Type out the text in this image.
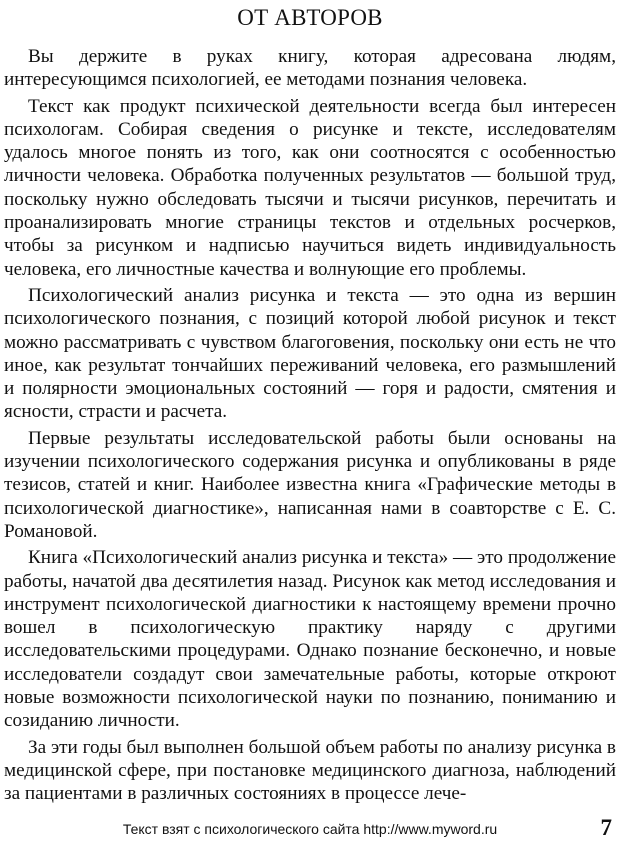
ОТ АВТОРОВ

Вы держите в руках книгу, которая адресована людям, интересующимся психологией, ее методами познания человека.

Текст как продукт психической деятельности всегда был интересен психологам. Собирая сведения о рисунке и тексте, исследователям удалось многое понять из того, как они соотносятся с особенностью личности человека. Обработка полученных результатов — большой труд, поскольку нужно обследовать тысячи и тысячи рисунков, перечитать и проанализировать многие страницы текстов и отдельных росчерков, чтобы за рисунком и надписью научиться видеть индивидуальность человека, его личностные качества и волнующие его проблемы.

Психологический анализ рисунка и текста — это одна из вершин психологического познания, с позиций которой любой рисунок и текст можно рассматривать с чувством благоговения, поскольку они есть не что иное, как результат тончайших переживаний человека, его размышлений и полярности эмоциональных состояний — горя и радости, смятения и ясности, страсти и расчета.

Первые результаты исследовательской работы были основаны на изучении психологического содержания рисунка и опубликованы в ряде тезисов, статей и книг. Наиболее известна книга «Графические методы в психологической диагностике», написанная нами в соавторстве с Е. С. Романовой.

Книга «Психологический анализ рисунка и текста» — это продолжение работы, начатой два десятилетия назад. Рисунок как метод исследования и инструмент психологической диагностики к настоящему времени прочно вошел в психологическую практику наряду с другими исследовательскими процедурами. Однако познание бесконечно, и новые исследователи создадут свои замечательные работы, которые откроют новые возможности психологической науки по познанию, пониманию и созиданию личности.

За эти годы был выполнен большой объем работы по анализу рисунка в медицинской сфере, при постановке медицинского диагноза, наблюдений за пациентами в различных состояниях в процессе лече-

Текст взят с психологического сайта http://www.myword.ru	7
